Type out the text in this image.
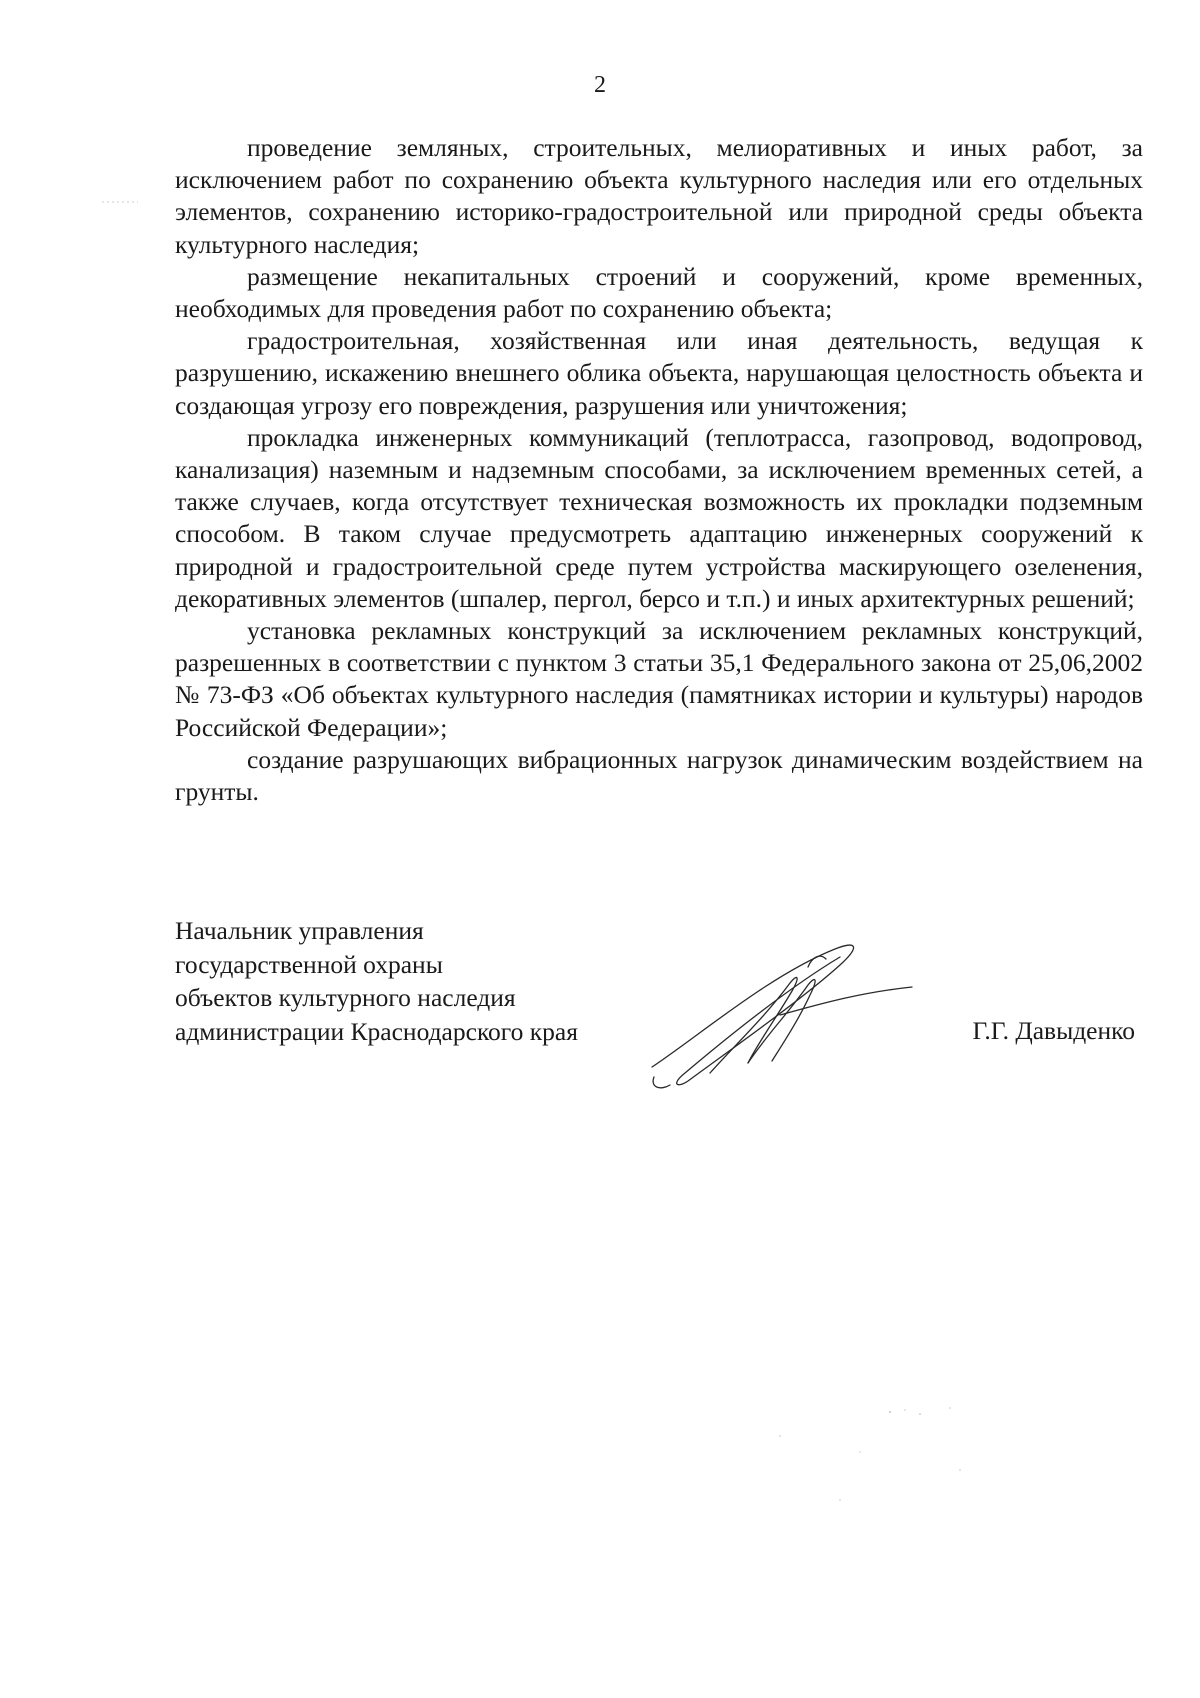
2

проведение земляных, строительных, мелиоративных и иных работ, за исключением работ по сохранению объекта культурного наследия или его отдельных элементов, сохранению историко-градостроительной или природной среды объекта культурного наследия;

размещение некапитальных строений и сооружений, кроме временных, необходимых для проведения работ по сохранению объекта;

градостроительная, хозяйственная или иная деятельность, ведущая к разрушению, искажению внешнего облика объекта, нарушающая целостность объекта и создающая угрозу его повреждения, разрушения или уничтожения;

прокладка инженерных коммуникаций (теплотрасса, газопровод, водопровод, канализация) наземным и надземным способами, за исключением временных сетей, а также случаев, когда отсутствует техническая возможность их прокладки подземным способом. В таком случае предусмотреть адаптацию инженерных сооружений к природной и градостроительной среде путем устройства маскирующего озеленения, декоративных элементов (шпалер, пергол, берсо и т.п.) и иных архитектурных решений;

установка рекламных конструкций за исключением рекламных конструкций, разрешенных в соответствии с пунктом 3 статьи 35,1 Федерального закона от 25,06,2002 № 73-ФЗ «Об объектах культурного наследия (памятниках истории и культуры) народов Российской Федерации»;

создание разрушающих вибрационных нагрузок динамическим воздействием на грунты.

Начальник управления
государственной охраны
объектов культурного наследия
администрации Краснодарского края	Г.Г. Давыденко
